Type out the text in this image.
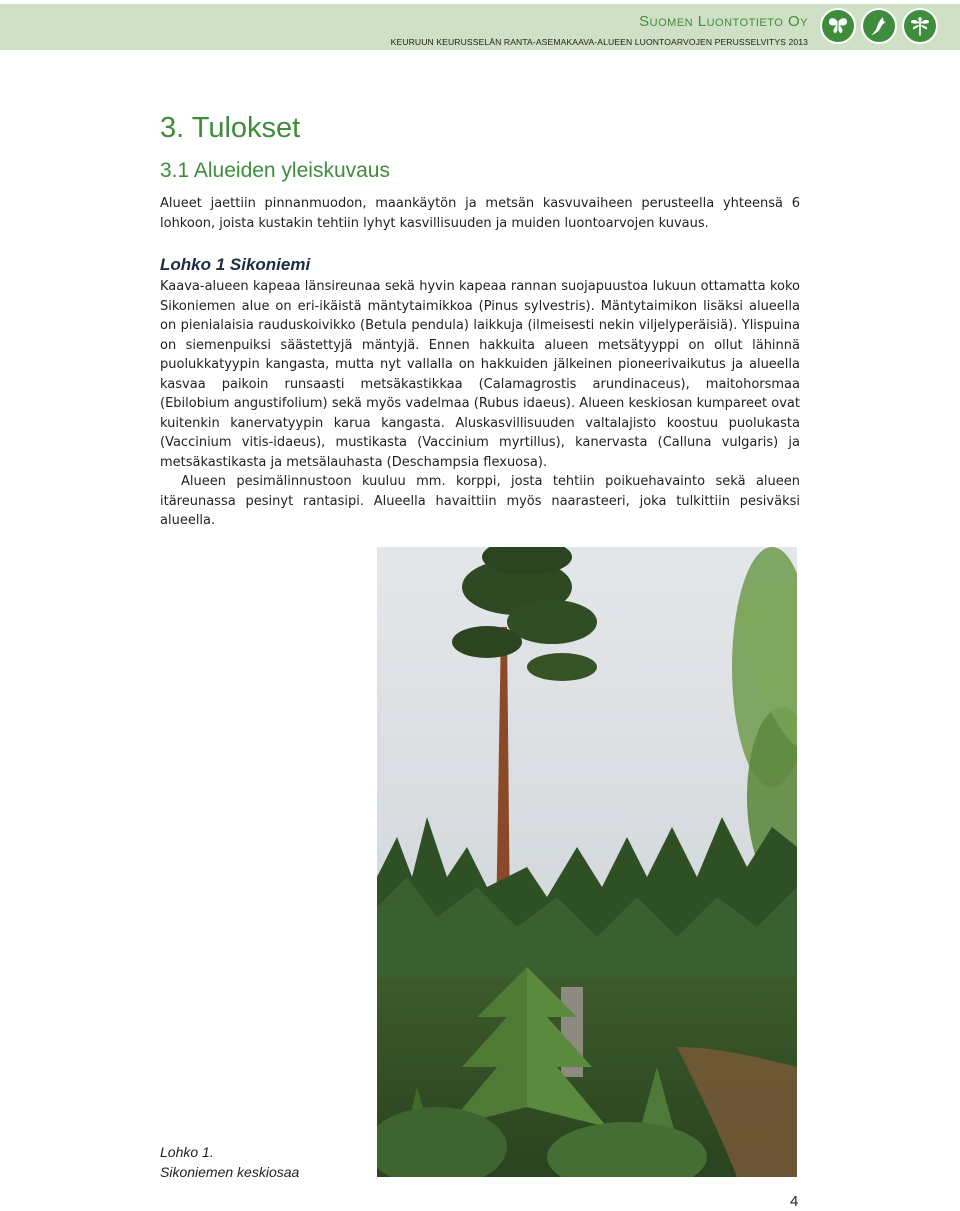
Suomen Luontotieto Oy
KEURUUN KEURUSSELÄN RANTA-ASEMAKAAVA-ALUEEN LUONTOARVOJEN PERUSSELVITYS 2013
3. Tulokset
3.1 Alueiden yleiskuvaus

Alueet jaettiin pinnanmuodon, maankäytön ja metsän kasvuvaiheen perusteella yhteensä 6 lohkoon, joista kustakin tehtiin lyhyt kasvillisuuden ja muiden luontoarvojen kuvaus.

Lohko 1 Sikoniemi

Kaava-alueen kapeaa länsireunaa sekä hyvin kapeaa rannan suojapuustoa lukuun ottamatta koko Sikoniemen alue on eri-ikäistä mäntytaimikkoa (Pinus sylvestris). Mäntytaimikon lisäksi alueella on pienialaisia rauduskoivikko (Betula pendula) laikkuja (ilmeisesti nekin viljelyperäisiä). Ylispuina on siemenpuiksi säästettyjä mäntyjä. Ennen hakkuita alueen metsätyyppi on ollut lähinnä puolukkatyypin kangasta, mutta nyt vallalla on hakkuiden jälkeinen pioneerivaikutus ja alueella kasvaa paikoin runsaasti metsäkastikkaa (Calamagrostis arundinaceus), maitohorsmaa (Ebilobium angustifolium) sekä myös vadelmaa (Rubus idaeus). Alueen keskiosan kumpareet ovat kuitenkin kanervatyypin karua kangasta. Aluskasvillisuuden valtalajisto koostuu puolukasta (Vaccinium vitis-idaeus), mustikasta (Vaccinium myrtillus), kanervasta (Calluna vulgaris) ja metsäkastikasta ja metsälauhasta (Deschampsia flexuosa).

Alueen pesimälinnustoon kuuluu mm. korppi, josta tehtiin poikuehavainto sekä alueen itäreunassa pesinyt rantasipi. Alueella havaittiin myös naarasteeri, joka tulkittiin pesiväksi alueella.

Lohko 1.
Sikoniemen keskiosaa
4
